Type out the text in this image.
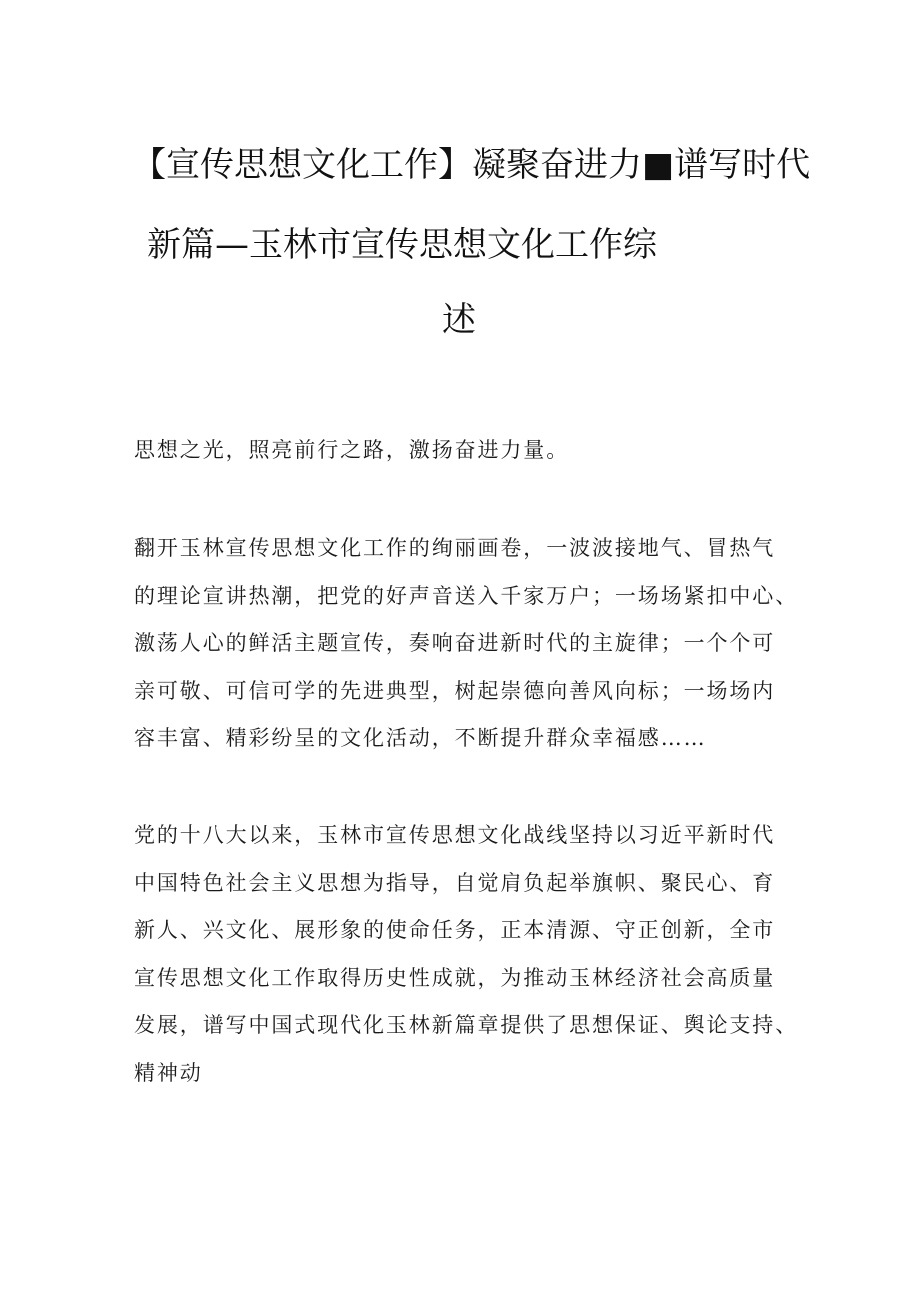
【宣传思想文化工作】凝聚奋进力■谱写时代
新篇—玉林市宣传思想文化工作综
述
思想之光，照亮前行之路，激扬奋进力量。
翻开玉林宣传思想文化工作的绚丽画卷，一波波接地气、冒热气
的理论宣讲热潮，把党的好声音送入千家万户；一场场紧扣中心、
激荡人心的鲜活主题宣传，奏响奋进新时代的主旋律；一个个可
亲可敬、可信可学的先进典型，树起崇德向善风向标；一场场内
容丰富、精彩纷呈的文化活动，不断提升群众幸福感……
党的十八大以来，玉林市宣传思想文化战线坚持以习近平新时代
中国特色社会主义思想为指导，自觉肩负起举旗帜、聚民心、育
新人、兴文化、展形象的使命任务，正本清源、守正创新，全市
宣传思想文化工作取得历史性成就，为推动玉林经济社会高质量
发展，谱写中国式现代化玉林新篇章提供了思想保证、舆论支持、
精神动
